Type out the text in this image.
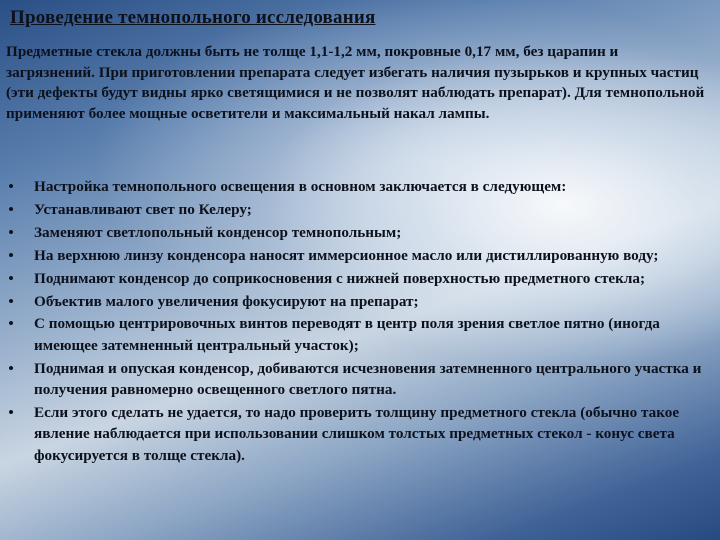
Проведение темнопольного исследования
Предметные стекла должны быть не толще 1,1-1,2 мм, покровные 0,17 мм, без царапин и загрязнений. При приготовлении препарата следует избегать наличия пузырьков и крупных частиц (эти дефекты будут видны ярко светящимися и не позволят наблюдать препарат). Для темнопольной применяют более мощные осветители и максимальный накал лампы.
• Настройка темнопольного освещения в основном заключается в следующем:
• Устанавливают свет по Келеру;
• Заменяют светлопольный конденсор темнопольным;
• На верхнюю линзу конденсора наносят иммерсионное масло или дистиллированную воду;
• Поднимают конденсор до соприкосновения с нижней поверхностью предметного стекла;
• Объектив малого увеличения фокусируют на препарат;
• С помощью центрировочных винтов переводят в центр поля зрения светлое пятно (иногда имеющее затемненный центральный участок);
• Поднимая и опуская конденсор, добиваются исчезновения затемненного центрального участка и получения равномерно освещенного светлого пятна.
• Если этого сделать не удается, то надо проверить толщину предметного стекла (обычно такое явление наблюдается при использовании слишком толстых предметных стекол - конус света фокусируется в толще стекла).
